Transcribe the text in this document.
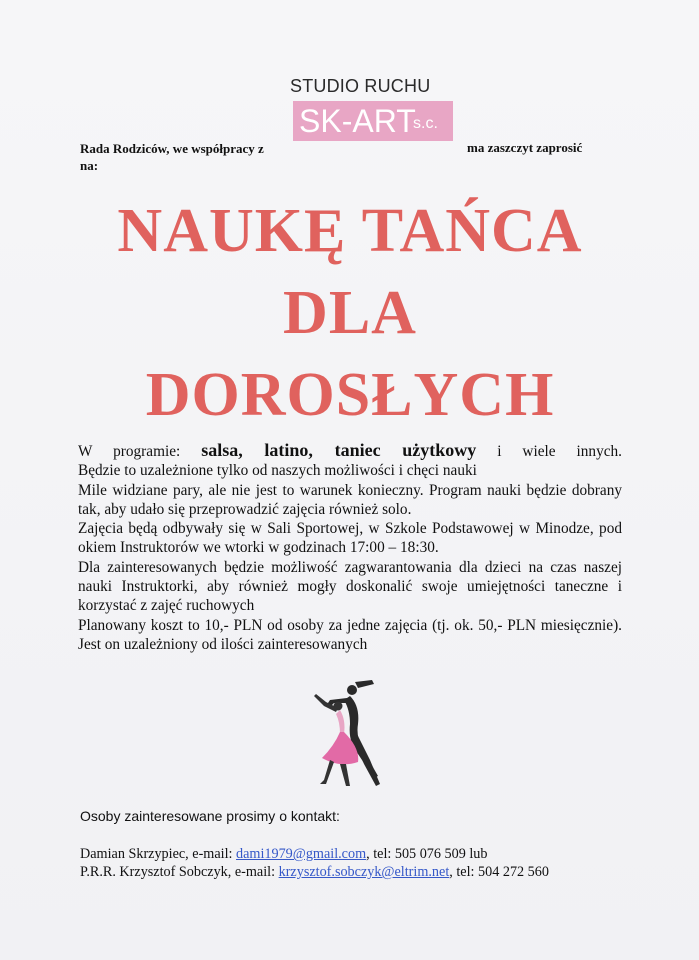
STUDIO RUCHU
SK-ART
s.c.
Rada Rodziców, we współpracy z
na:
ma zaszczyt zaprosić
NAUKĘ TAŃCA
DLA
DOROSŁYCH

W programie: salsa, latino, taniec użytkowy i wiele innych.

Będzie to uzależnione tylko od naszych możliwości i chęci nauki

Mile widziane pary, ale nie jest to warunek konieczny. Program nauki będzie dobrany tak, aby udało się przeprowadzić zajęcia również solo.

Zajęcia będą odbywały się w Sali Sportowej, w Szkole Podstawowej w Minodze, pod okiem Instruktorów we wtorki w godzinach 17:00 – 18:30.

Dla zainteresowanych będzie możliwość zagwarantowania dla dzieci na czas naszej nauki Instruktorki, aby również mogły doskonalić swoje umiejętności taneczne i korzystać z zajęć ruchowych

Planowany koszt to 10,- PLN od osoby za jedne zajęcia (tj. ok. 50,- PLN miesięcznie). Jest on uzależniony od ilości zainteresowanych

Osoby zainteresowane prosimy o kontakt:
Damian Skrzypiec, e-mail: dami1979@gmail.com, tel: 505 076 509 lub
P.R.R. Krzysztof Sobczyk, e-mail: krzysztof.sobczyk@eltrim.net, tel: 504 272 560
